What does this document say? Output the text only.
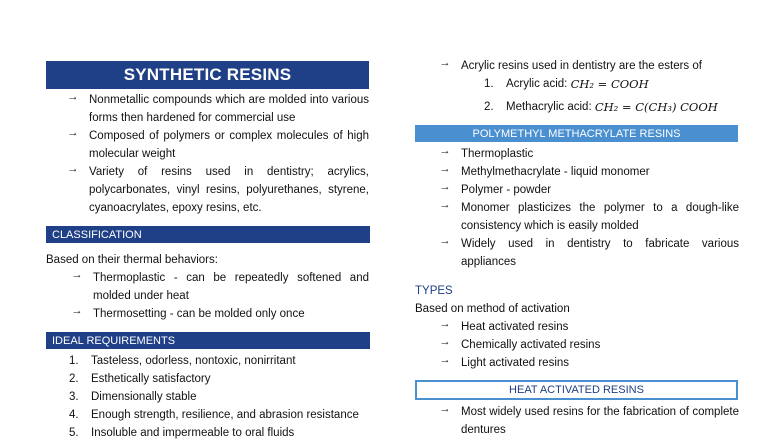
SYNTHETIC RESINS
→ Nonmetallic compounds which are molded into various forms then hardened for commercial use
→ Composed of polymers or complex molecules of high molecular weight
→ Variety of resins used in dentistry; acrylics, polycarbonates, vinyl resins, polyurethanes, styrene, cyanoacrylates, epoxy resins, etc.
CLASSIFICATION
Based on their thermal behaviors:
→ Thermoplastic - can be repeatedly softened and molded under heat
→ Thermosetting - can be molded only once
IDEAL REQUIREMENTS
1.	Tasteless, odorless, nontoxic, nonirritant
2.	Esthetically satisfactory
3.	Dimensionally stable
4.	Enough strength, resilience, and abrasion resistance
5.	Insoluble and impermeable to oral fluids
→ Acrylic resins used in dentistry are the esters of
1.	Acrylic acid:
CH₂ = COOH
2.	Methacrylic acid:
CH₂ = C(CH₃) COOH
POLYMETHYL METHACRYLATE RESINS
→ Thermoplastic
→ Methylmethacrylate - liquid monomer
→ Polymer - powder
→ Monomer plasticizes the polymer to a dough-like consistency which is easily molded
→ Widely used in dentistry to fabricate various appliances
TYPES
Based on method of activation
→ Heat activated resins
→ Chemically activated resins
→ Light activated resins
HEAT ACTIVATED RESINS
→ Most widely used resins for the fabrication of complete dentures
